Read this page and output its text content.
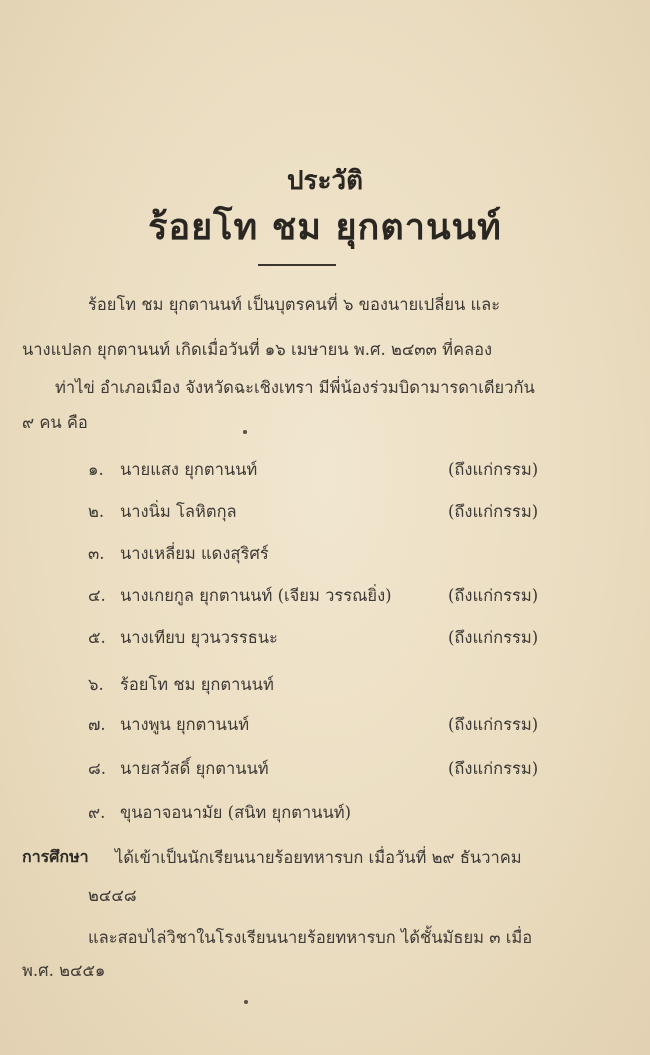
ประวัติ
ร้อยโท ชม ยุกตานนท์
ร้อยโท ชม ยุกตานนท์ เป็นบุตรคนที่ ๖ ของนายเปลี่ยน และ
นางแปลก ยุกตานนท์ เกิดเมื่อวันที่ ๑๖ เมษายน พ.ศ. ๒๔๓๓ ที่คลอง
ท่าไข่ อำเภอเมือง จังหวัดฉะเชิงเทรา มีพี่น้องร่วมบิดามารดาเดียวกัน
๙ คน คือ
๑. นายแสง ยุกตานนท์	(ถึงแก่กรรม)
๒. นางนิ่ม โลหิตกุล	(ถึงแก่กรรม)
๓. นางเหลี่ยม แดงสุริศร์
๔. นางเกยกูล ยุกตานนท์ (เจียม วรรณยิ่ง)	(ถึงแก่กรรม)
๕. นางเทียบ ยุวนวรรธนะ	(ถึงแก่กรรม)
๖. ร้อยโท ชม ยุกตานนท์
๗. นางพูน ยุกตานนท์	(ถึงแก่กรรม)
๘. นายสวัสดิ์ ยุกตานนท์	(ถึงแก่กรรม)
๙. ขุนอาจอนามัย (สนิท ยุกตานนท์)
การศึกษา ได้เข้าเป็นนักเรียนนายร้อยทหารบก เมื่อวันที่ ๒๙ ธันวาคม
๒๔๔๘
และสอบไล่วิชาในโรงเรียนนายร้อยทหารบก ได้ชั้นมัธยม ๓ เมื่อ
พ.ศ. ๒๔๕๑
